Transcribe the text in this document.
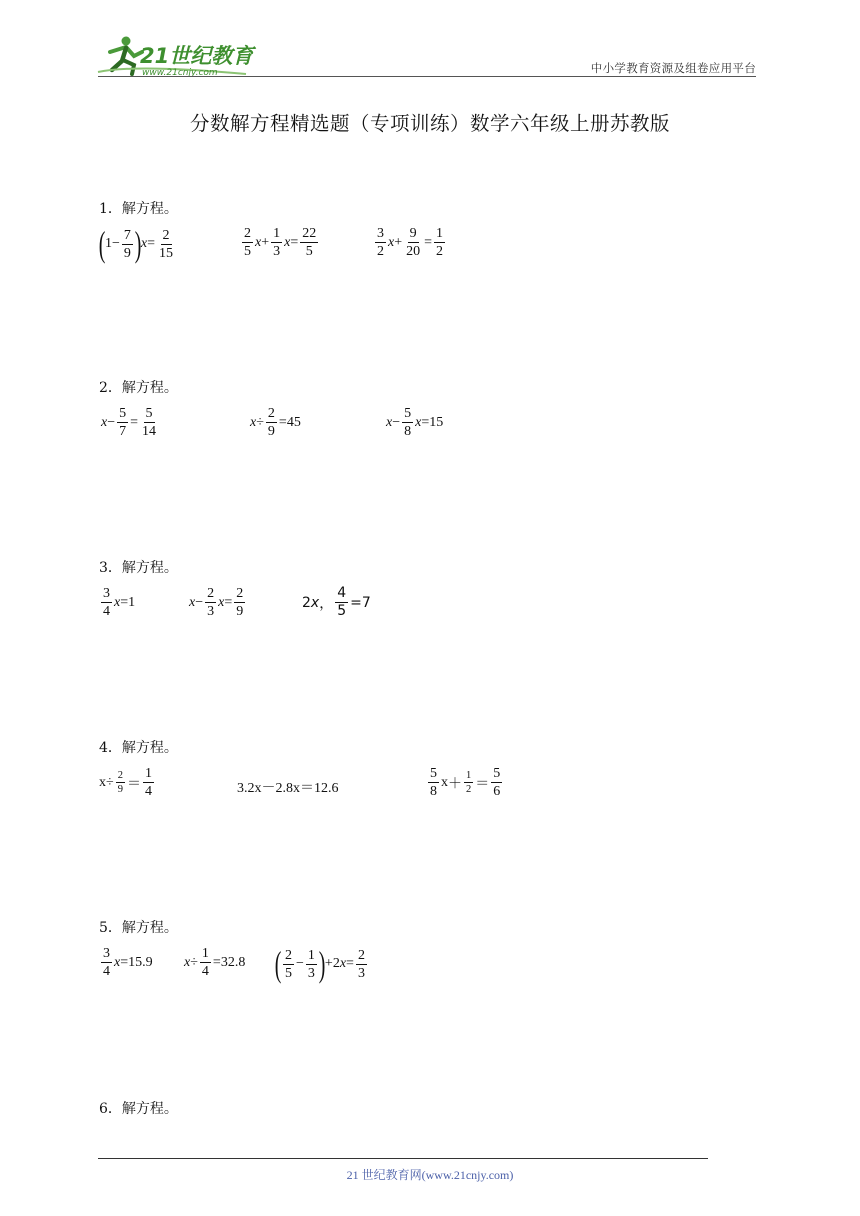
21世纪教育
www.21cnjy.com	中小学教育资源及组卷应用平台
分数解方程精选题（专项训练）数学六年级上册苏教版
1．解方程。
( $1 - \frac{7}{9}$ ) $x = \frac{2}{15}$	$\frac{2}{5}$ $x + \frac{1}{3}$ $x = \frac{22}{5}$	$\frac{3}{2}$ $x + \frac{9}{20} = \frac{1}{2}$
2．解方程。
$x - \frac{5}{7} = \frac{5}{14}$	$x \div \frac{2}{9} = 45$	$x - \frac{5}{8}$ x = 15
3．解方程。
$\frac{3}{4}$ x = 1	$x - \frac{2}{3}$ $x = \frac{2}{9}$	2 x ， $\frac{4}{5} = 7$
4．解方程。
$x \div \frac{2}{9} = \frac{1}{4}$	3.2x－2.8x＝12.6	$\frac{5}{8}$ $x + \frac{1}{2} = \frac{5}{6}$
5．解方程。
$\frac{3}{4}$ x = 15.9 $x \div \frac{1}{4} = 32.8$ ( $\frac{2}{5} - \frac{1}{3}$ ) + 2 $x = \frac{2}{3}$
6．解方程。
21 世纪教育网(www.21cnjy.com)
